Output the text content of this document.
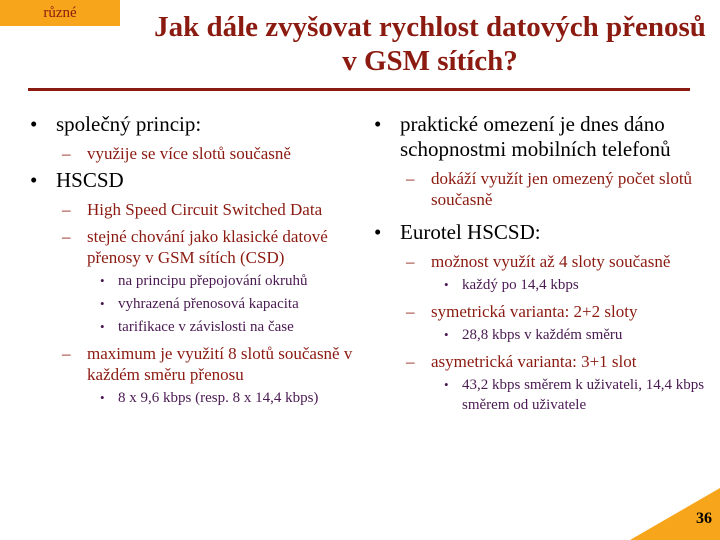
různé	Jak dále zvyšovat rychlost datových přenosů v GSM sítích?
• společný princip:
– využije se více slotů současně
• HSCSD
– High Speed Circuit Switched Data
– stejné chování jako klasické datové přenosy v GSM sítích (CSD)
• na principu přepojování okruhů
• vyhrazená přenosová kapacita
• tarifikace v závislosti na čase
– maximum je využití 8 slotů současně v každém směru přenosu
• 8 x 9,6 kbps (resp. 8 x 14,4 kbps)
• praktické omezení je dnes dáno schopnostmi mobilních telefonů
– dokáží využít jen omezený počet slotů současně
• Eurotel HSCSD:
– možnost využít až 4 sloty současně
• každý po 14,4 kbps
– symetrická varianta: 2+2 sloty
• 28,8 kbps v každém směru
– asymetrická varianta: 3+1 slot
• 43,2 kbps směrem k uživateli, 14,4 kbps směrem od uživatele
36
